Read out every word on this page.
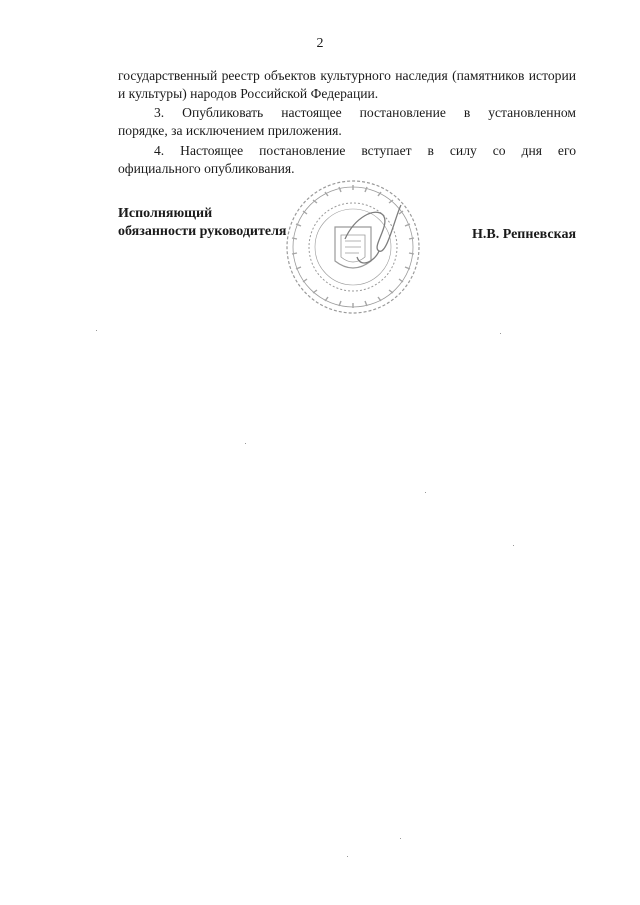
2
государственный реестр объектов культурного наследия (памятников истории
и культуры) народов Российской Федерации.
3. Опубликовать настоящее постановление в установленном
порядке, за исключением приложения.
4. Настоящее постановление вступает в силу со дня его
официального опубликования.
Исполняющий
обязанности руководителя	Н.В. Репневская
